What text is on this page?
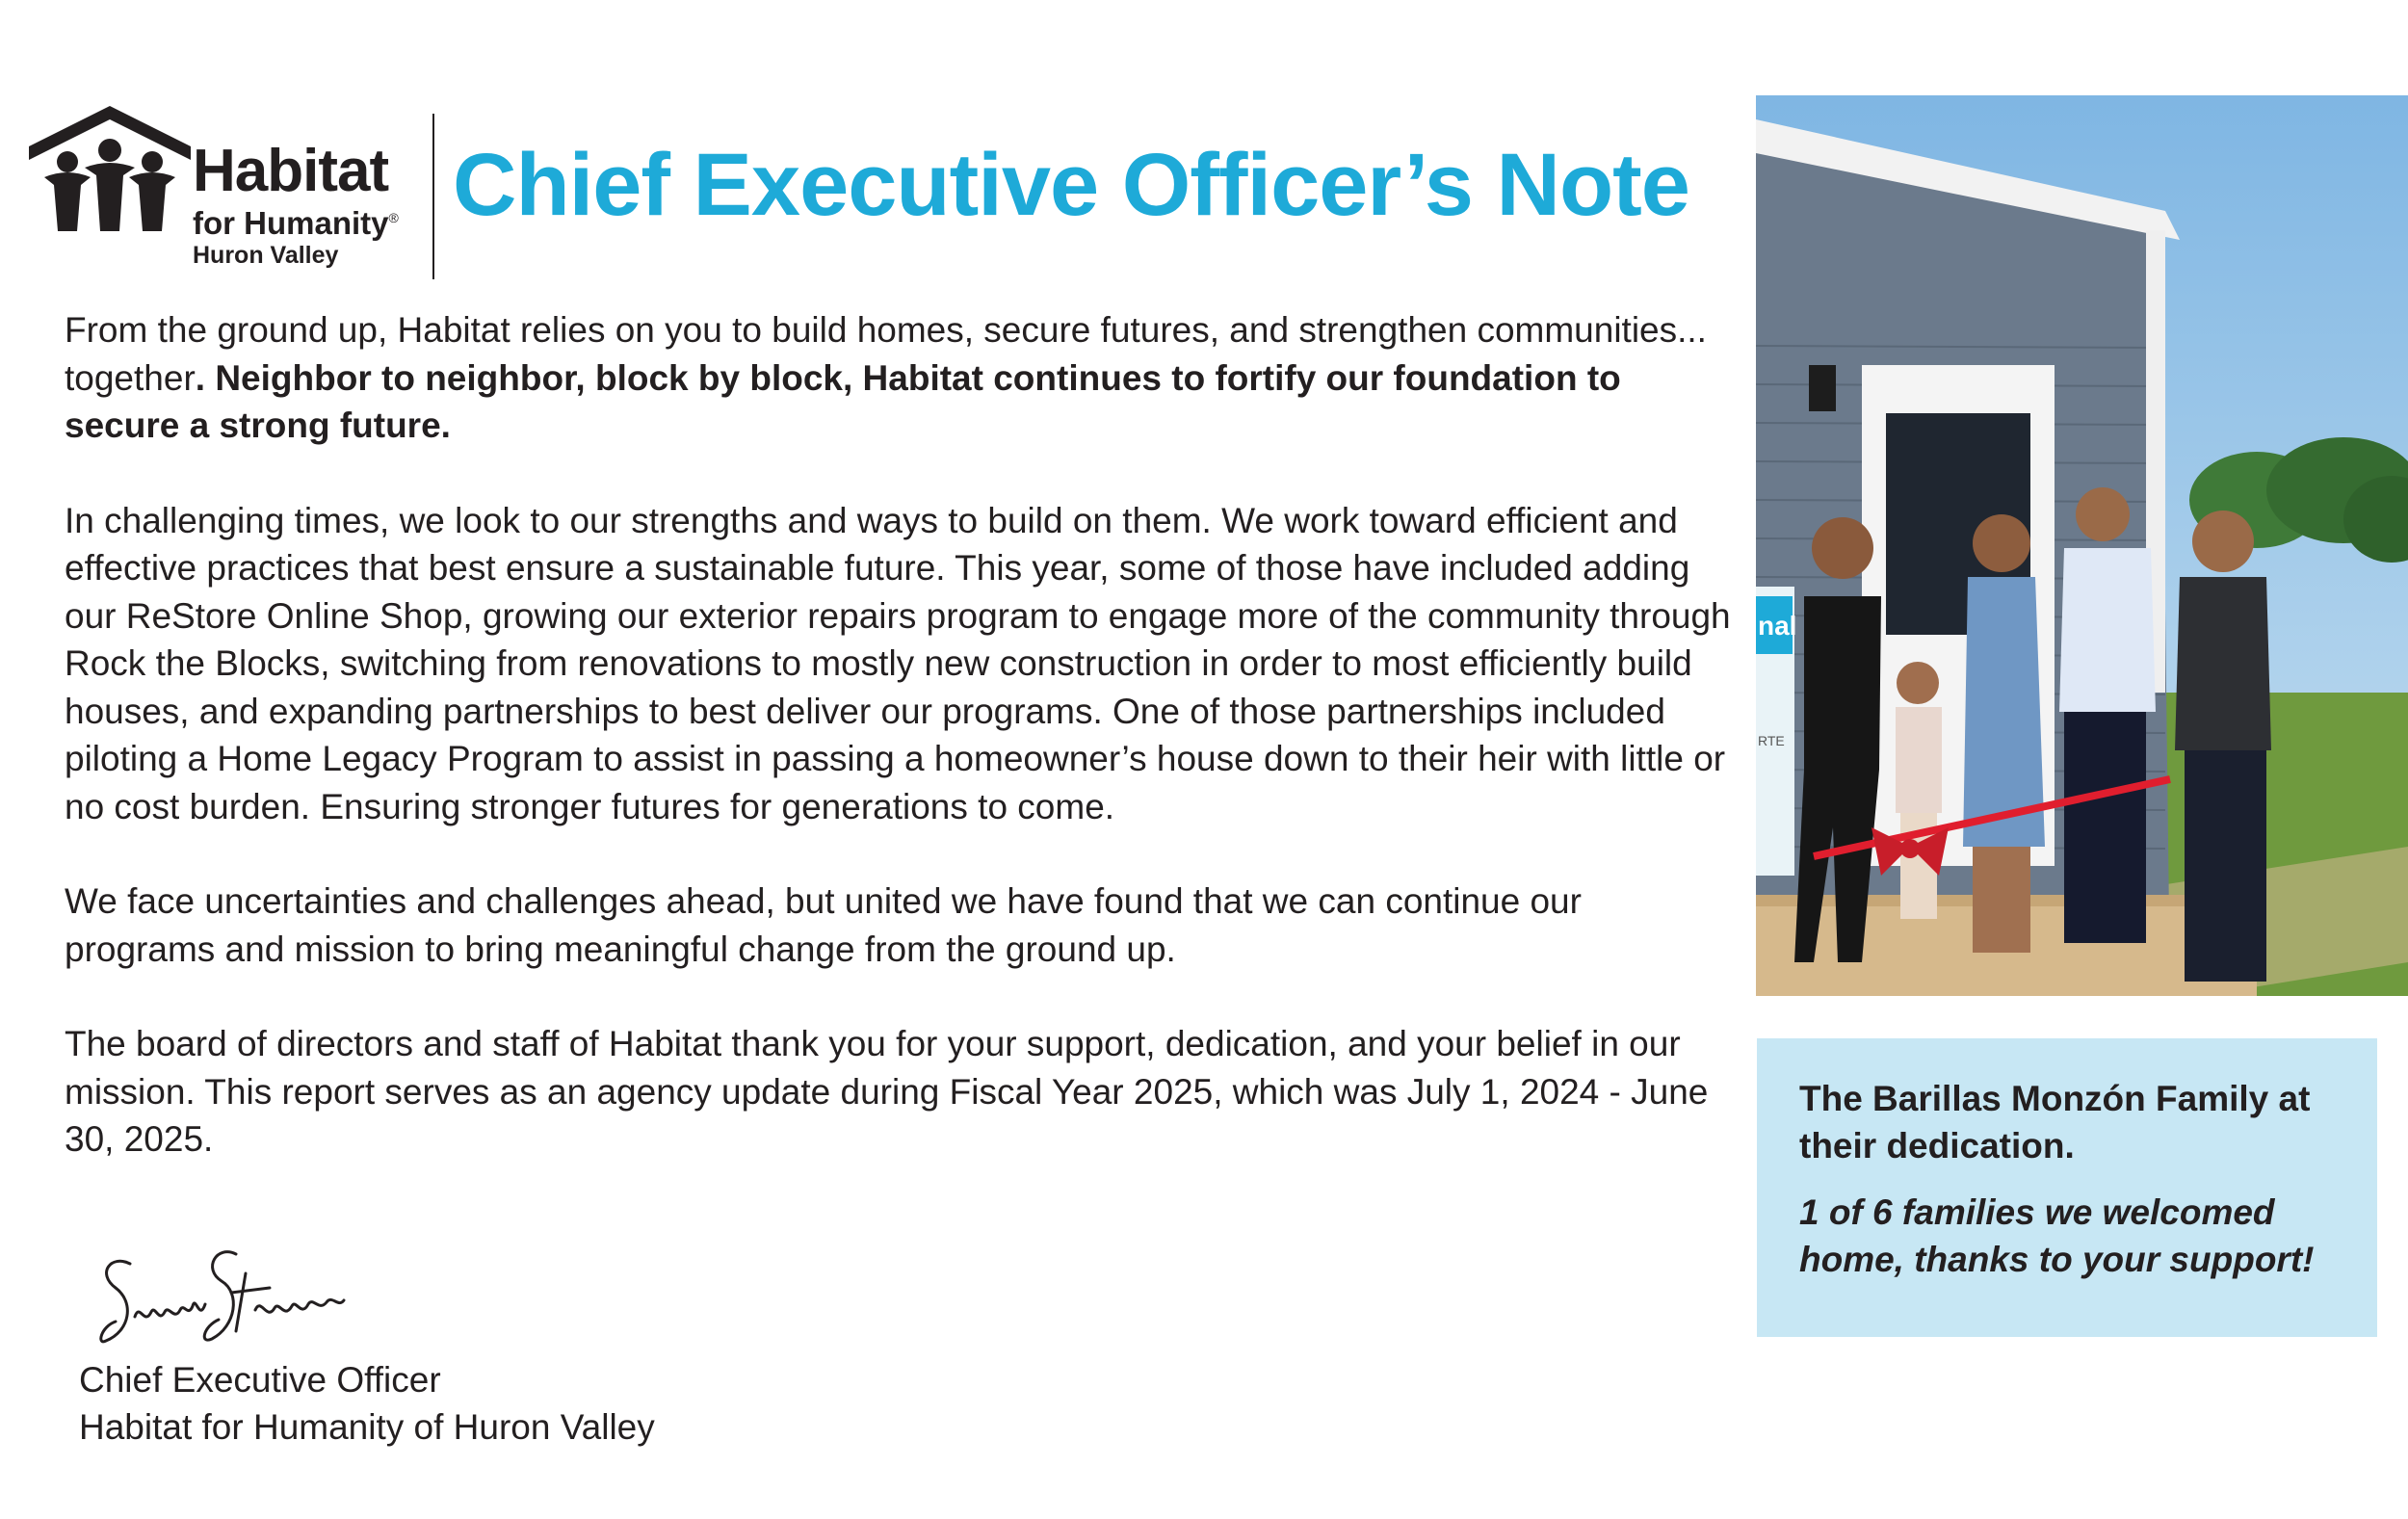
Habitat
for Humanity®
Huron Valley
Chief Executive Officer’s Note

From the ground up, Habitat relies on you to build homes, secure futures, and strengthen communities... together. Neighbor to neighbor, block by block, Habitat continues to fortify our foundation to secure a strong future.

In challenging times, we look to our strengths and ways to build on them. We work toward efficient and effective practices that best ensure a sustainable future. This year, some of those have included adding our ReStore Online Shop, growing our exterior repairs program to engage more of the community through Rock the Blocks, switching from renovations to mostly new construction in order to most efficiently build houses, and expanding partnerships to best deliver our programs. One of those partnerships included piloting a Home Legacy Program to assist in passing a homeowner’s house down to their heir with little or no cost burden. Ensuring stronger futures for generations to come.

We face uncertainties and challenges ahead, but united we have found that we can continue our programs and mission to bring meaningful change from the ground up.

The board of directors and staff of Habitat thank you for your support, dedication, and your belief in our mission. This report serves as an agency update during Fiscal Year 2025, which was July 1, 2024 - June 30, 2025.

Chief Executive Officer
Habitat for Humanity of Huron Valley
nal
RTE
The Barillas Monzón Family at their dedication.
1 of 6 families we welcomed home, thanks to your support!
